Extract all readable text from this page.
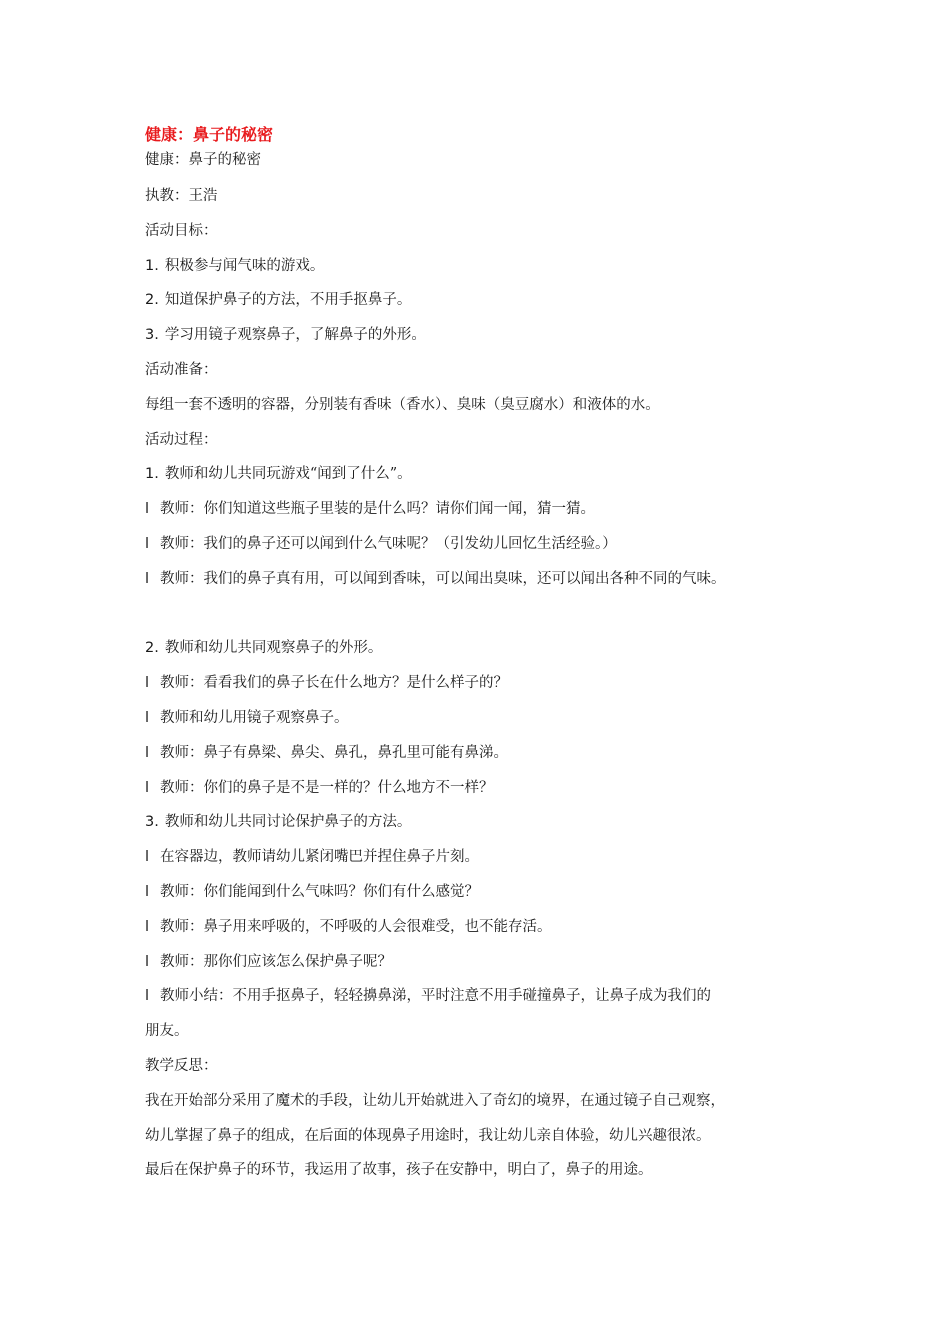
健康：鼻子的秘密
健康：鼻子的秘密
执教：王浩
活动目标：
1. 积极参与闻气味的游戏。
2. 知道保护鼻子的方法，不用手抠鼻子。
3. 学习用镜子观察鼻子，了解鼻子的外形。
活动准备：
每组一套不透明的容器，分别装有香味（香水）、臭味（臭豆腐水）和液体的水。
活动过程：
1. 教师和幼儿共同玩游戏“闻到了什么”。
l 教师：你们知道这些瓶子里装的是什么吗？请你们闻一闻，猜一猜。
l 教师：我们的鼻子还可以闻到什么气味呢？（引发幼儿回忆生活经验。）
l 教师：我们的鼻子真有用，可以闻到香味，可以闻出臭味，还可以闻出各种不同的气味。
2. 教师和幼儿共同观察鼻子的外形。
l 教师：看看我们的鼻子长在什么地方？是什么样子的？
l 教师和幼儿用镜子观察鼻子。
l 教师：鼻子有鼻梁、鼻尖、鼻孔，鼻孔里可能有鼻涕。
l 教师：你们的鼻子是不是一样的？什么地方不一样？
3. 教师和幼儿共同讨论保护鼻子的方法。
l 在容器边，教师请幼儿紧闭嘴巴并捏住鼻子片刻。
l 教师：你们能闻到什么气味吗？你们有什么感觉？
l 教师：鼻子用来呼吸的，不呼吸的人会很难受，也不能存活。
l 教师：那你们应该怎么保护鼻子呢？
l 教师小结：不用手抠鼻子，轻轻擤鼻涕，平时注意不用手碰撞鼻子，让鼻子成为我们的
朋友。
教学反思：
我在开始部分采用了魔术的手段，让幼儿开始就进入了奇幻的境界，在通过镜子自己观察，
幼儿掌握了鼻子的组成，在后面的体现鼻子用途时，我让幼儿亲自体验，幼儿兴趣很浓。
最后在保护鼻子的环节，我运用了故事，孩子在安静中，明白了，鼻子的用途。
